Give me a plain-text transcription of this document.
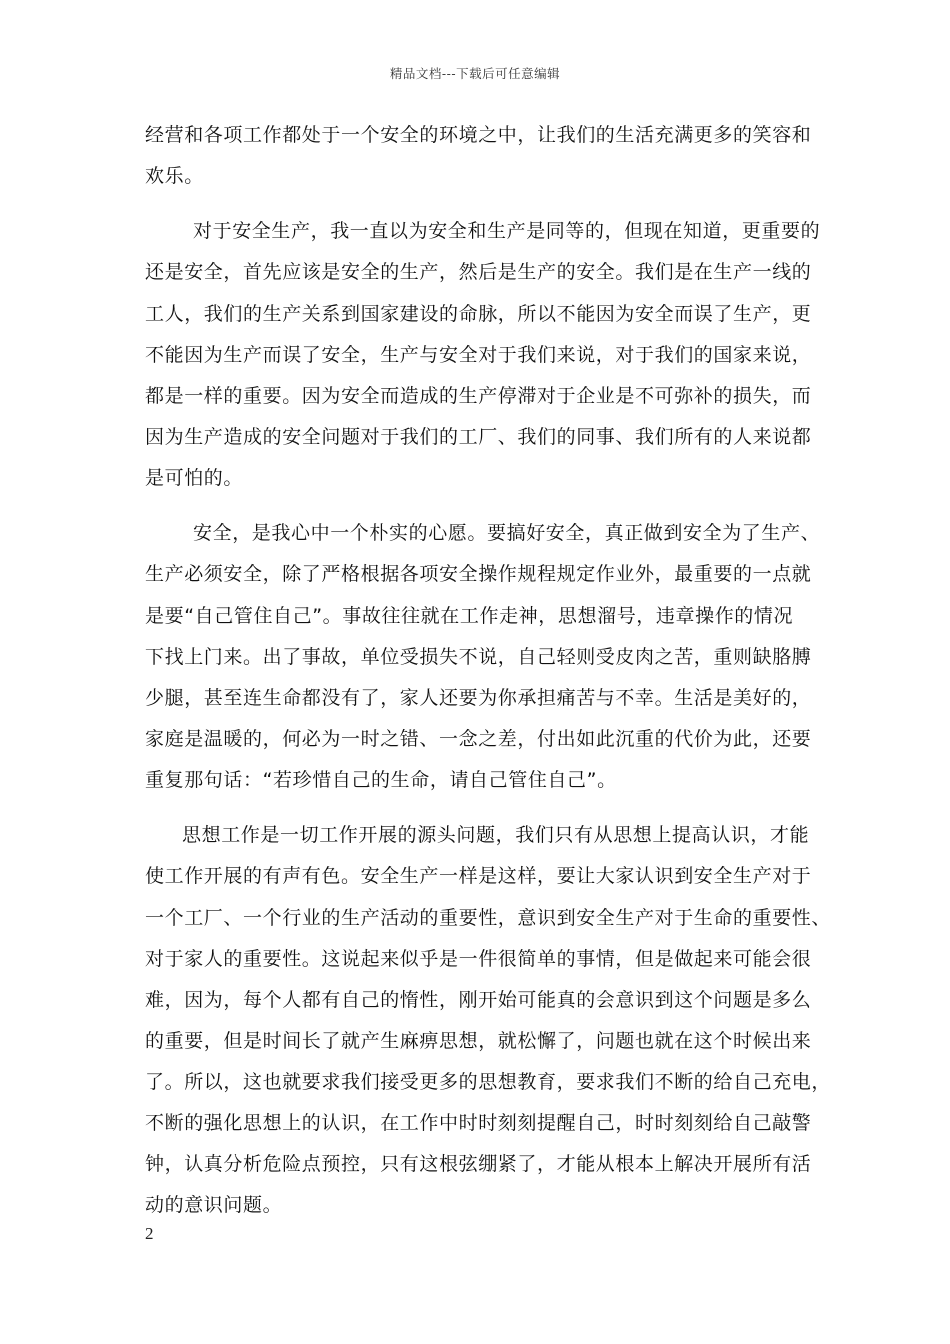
精品文档---下载后可任意编辑
经营和各项工作都处于一个安全的环境之中，让我们的生活充满更多的笑容和
欢乐。
对于安全生产，我一直以为安全和生产是同等的，但现在知道，更重要的
还是安全，首先应该是安全的生产，然后是生产的安全。我们是在生产一线的
工人，我们的生产关系到国家建设的命脉，所以不能因为安全而误了生产，更
不能因为生产而误了安全，生产与安全对于我们来说，对于我们的国家来说，
都是一样的重要。因为安全而造成的生产停滞对于企业是不可弥补的损失，而
因为生产造成的安全问题对于我们的工厂、我们的同事、我们所有的人来说都
是可怕的。
安全，是我心中一个朴实的心愿。要搞好安全，真正做到安全为了生产、
生产必须安全，除了严格根据各项安全操作规程规定作业外，最重要的一点就
是要“自己管住自己”。事故往往就在工作走神，思想溜号，违章操作的情况
下找上门来。出了事故，单位受损失不说，自己轻则受皮肉之苦，重则缺胳膊
少腿，甚至连生命都没有了，家人还要为你承担痛苦与不幸。生活是美好的，
家庭是温暖的，何必为一时之错、一念之差，付出如此沉重的代价为此，还要
重复那句话：“若珍惜自己的生命，请自己管住自己”。
思想工作是一切工作开展的源头问题，我们只有从思想上提高认识，才能
使工作开展的有声有色。安全生产一样是这样，要让大家认识到安全生产对于
一个工厂、一个行业的生产活动的重要性，意识到安全生产对于生命的重要性、
对于家人的重要性。这说起来似乎是一件很简单的事情，但是做起来可能会很
难，因为，每个人都有自己的惰性，刚开始可能真的会意识到这个问题是多么
的重要，但是时间长了就产生麻痹思想，就松懈了，问题也就在这个时候出来
了。所以，这也就要求我们接受更多的思想教育，要求我们不断的给自己充电，
不断的强化思想上的认识，在工作中时时刻刻提醒自己，时时刻刻给自己敲警
钟，认真分析危险点预控，只有这根弦绷紧了，才能从根本上解决开展所有活
动的意识问题。
2
